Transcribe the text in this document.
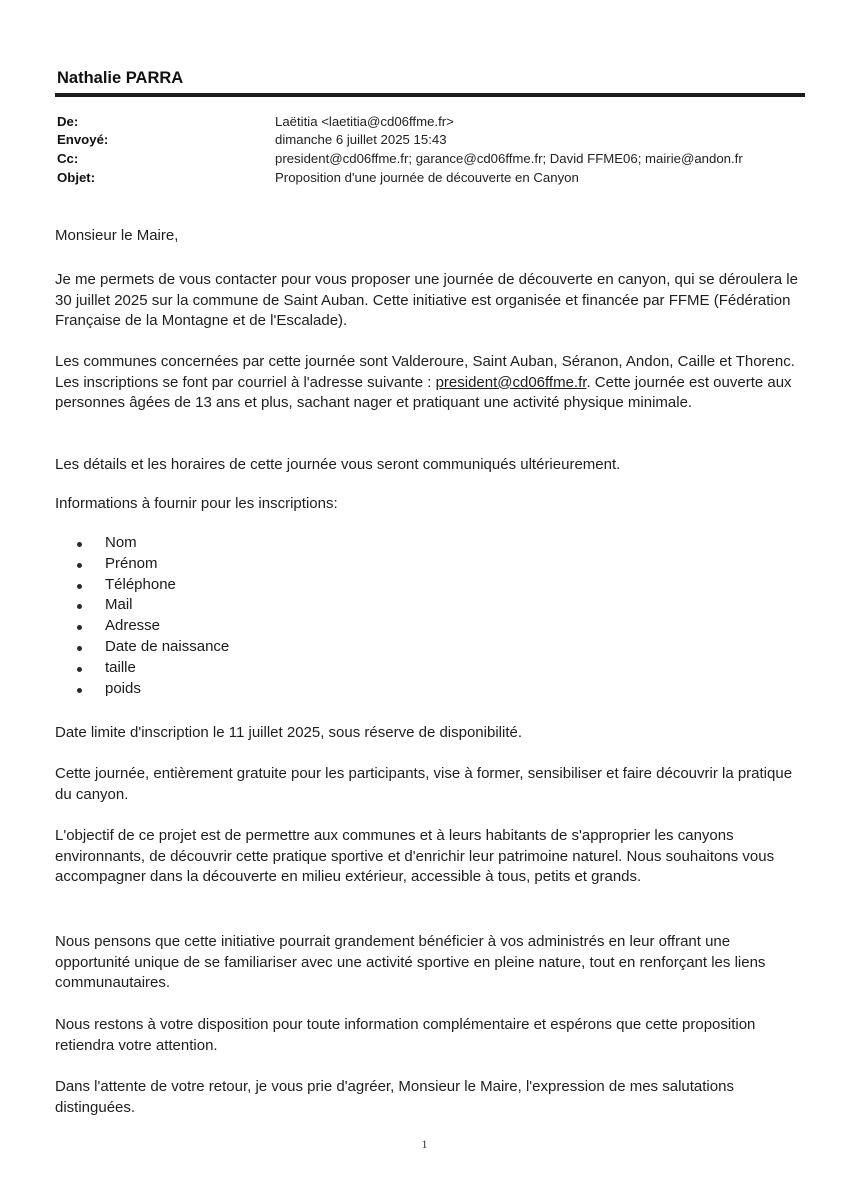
Nathalie PARRA
De:	Laëtitia <laetitia@cd06ffme.fr>
Envoyé:	dimanche 6 juillet 2025 15:43
Cc:	president@cd06ffme.fr; garance@cd06ffme.fr; David FFME06; mairie@andon.fr
Objet:	Proposition d'une journée de découverte en Canyon

Monsieur le Maire,

Je me permets de vous contacter pour vous proposer une journée de découverte en canyon, qui se déroulera le 30 juillet 2025 sur la commune de Saint Auban. Cette initiative est organisée et financée par FFME (Fédération Française de la Montagne et de l'Escalade).

Les communes concernées par cette journée sont Valderoure, Saint Auban, Séranon, Andon, Caille et Thorenc. Les inscriptions se font par courriel à l'adresse suivante : president@cd06ffme.fr. Cette journée est ouverte aux personnes âgées de 13 ans et plus, sachant nager et pratiquant une activité physique minimale.

Les détails et les horaires de cette journée vous seront communiqués ultérieurement.

Informations à fournir pour les inscriptions:

Nom
Prénom
Téléphone
Mail
Adresse
Date de naissance
taille
poids

Date limite d'inscription le 11 juillet 2025, sous réserve de disponibilité.

Cette journée, entièrement gratuite pour les participants, vise à former, sensibiliser et faire découvrir la pratique du canyon.

L'objectif de ce projet est de permettre aux communes et à leurs habitants de s'approprier les canyons environnants, de découvrir cette pratique sportive et d'enrichir leur patrimoine naturel. Nous souhaitons vous accompagner dans la découverte en milieu extérieur, accessible à tous, petits et grands.

Nous pensons que cette initiative pourrait grandement bénéficier à vos administrés en leur offrant une opportunité unique de se familiariser avec une activité sportive en pleine nature, tout en renforçant les liens communautaires.

Nous restons à votre disposition pour toute information complémentaire et espérons que cette proposition retiendra votre attention.

Dans l'attente de votre retour, je vous prie d'agréer, Monsieur le Maire, l'expression de mes salutations distinguées.

1
